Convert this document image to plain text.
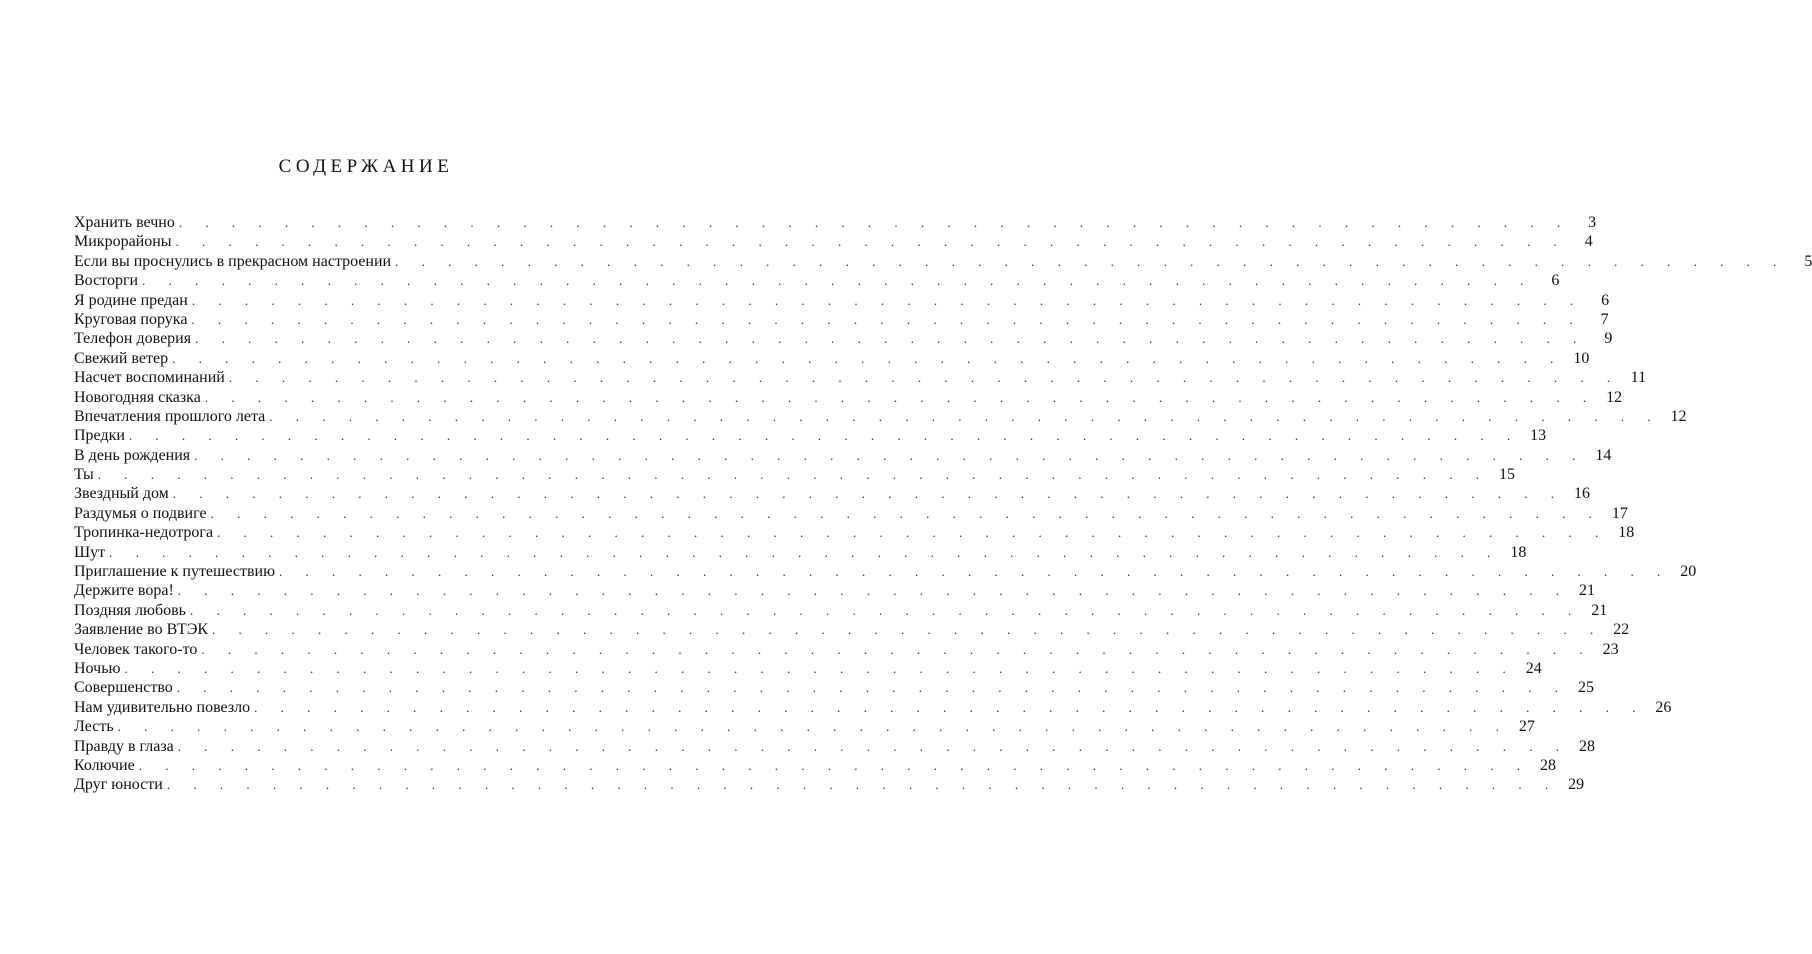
СОДЕРЖАНИЕ
Хранить вечно . . . . . . . . . . . . . . . . . . . . . . . . . . . . . . . . . . . . . . . . . . . . . . . . . . . . .	3
Микрорайоны . . . . . . . . . . . . . . . . . . . . . . . . . . . . . . . . . . . . . . . . . . . . . . . . . . . . .	4
Если вы проснулись в прекрасном настроении . . . . . . . . . . . . . . . . . . . . . . . . . . . . . . . . . . . . . . . . . . . . . . . . . . . . .	5
Восторги . . . . . . . . . . . . . . . . . . . . . . . . . . . . . . . . . . . . . . . . . . . . . . . . . . . . .	6
Я родине предан . . . . . . . . . . . . . . . . . . . . . . . . . . . . . . . . . . . . . . . . . . . . . . . . . . . . .	6
Круговая порука . . . . . . . . . . . . . . . . . . . . . . . . . . . . . . . . . . . . . . . . . . . . . . . . . . . . .	7
Телефон доверия . . . . . . . . . . . . . . . . . . . . . . . . . . . . . . . . . . . . . . . . . . . . . . . . . . . . .	9
Свежий ветер . . . . . . . . . . . . . . . . . . . . . . . . . . . . . . . . . . . . . . . . . . . . . . . . . . . . . 10
Насчет воспоминаний . . . . . . . . . . . . . . . . . . . . . . . . . . . . . . . . . . . . . . . . . . . . . . . . . . . . . 11
Новогодняя сказка . . . . . . . . . . . . . . . . . . . . . . . . . . . . . . . . . . . . . . . . . . . . . . . . . . . . . 12
Впечатления прошлого лета . . . . . . . . . . . . . . . . . . . . . . . . . . . . . . . . . . . . . . . . . . . . . . . . . . . . . 12
Предки . . . . . . . . . . . . . . . . . . . . . . . . . . . . . . . . . . . . . . . . . . . . . . . . . . . . . 13
В день рождения . . . . . . . . . . . . . . . . . . . . . . . . . . . . . . . . . . . . . . . . . . . . . . . . . . . . . 14
Ты . . . . . . . . . . . . . . . . . . . . . . . . . . . . . . . . . . . . . . . . . . . . . . . . . . . . . 15
Звездный дом . . . . . . . . . . . . . . . . . . . . . . . . . . . . . . . . . . . . . . . . . . . . . . . . . . . . . 16
Раздумья о подвиге . . . . . . . . . . . . . . . . . . . . . . . . . . . . . . . . . . . . . . . . . . . . . . . . . . . . . 17
Тропинка-недотрога . . . . . . . . . . . . . . . . . . . . . . . . . . . . . . . . . . . . . . . . . . . . . . . . . . . . . 18
Шут . . . . . . . . . . . . . . . . . . . . . . . . . . . . . . . . . . . . . . . . . . . . . . . . . . . . . 18
Приглашение к путешествию . . . . . . . . . . . . . . . . . . . . . . . . . . . . . . . . . . . . . . . . . . . . . . . . . . . . . 20
Держите вора! . . . . . . . . . . . . . . . . . . . . . . . . . . . . . . . . . . . . . . . . . . . . . . . . . . . . . 21
Поздняя любовь . . . . . . . . . . . . . . . . . . . . . . . . . . . . . . . . . . . . . . . . . . . . . . . . . . . . . 21
Заявление во ВТЭК . . . . . . . . . . . . . . . . . . . . . . . . . . . . . . . . . . . . . . . . . . . . . . . . . . . . . 22
Человек такого-то . . . . . . . . . . . . . . . . . . . . . . . . . . . . . . . . . . . . . . . . . . . . . . . . . . . . . 23
Ночью . . . . . . . . . . . . . . . . . . . . . . . . . . . . . . . . . . . . . . . . . . . . . . . . . . . . . 24
Совершенство . . . . . . . . . . . . . . . . . . . . . . . . . . . . . . . . . . . . . . . . . . . . . . . . . . . . . 25
Нам удивительно повезло . . . . . . . . . . . . . . . . . . . . . . . . . . . . . . . . . . . . . . . . . . . . . . . . . . . . . 26
Лесть . . . . . . . . . . . . . . . . . . . . . . . . . . . . . . . . . . . . . . . . . . . . . . . . . . . . . 27
Правду в глаза . . . . . . . . . . . . . . . . . . . . . . . . . . . . . . . . . . . . . . . . . . . . . . . . . . . . . 28
Колючие . . . . . . . . . . . . . . . . . . . . . . . . . . . . . . . . . . . . . . . . . . . . . . . . . . . . . 28
Друг юности . . . . . . . . . . . . . . . . . . . . . . . . . . . . . . . . . . . . . . . . . . . . . . . . . . . . . 29
